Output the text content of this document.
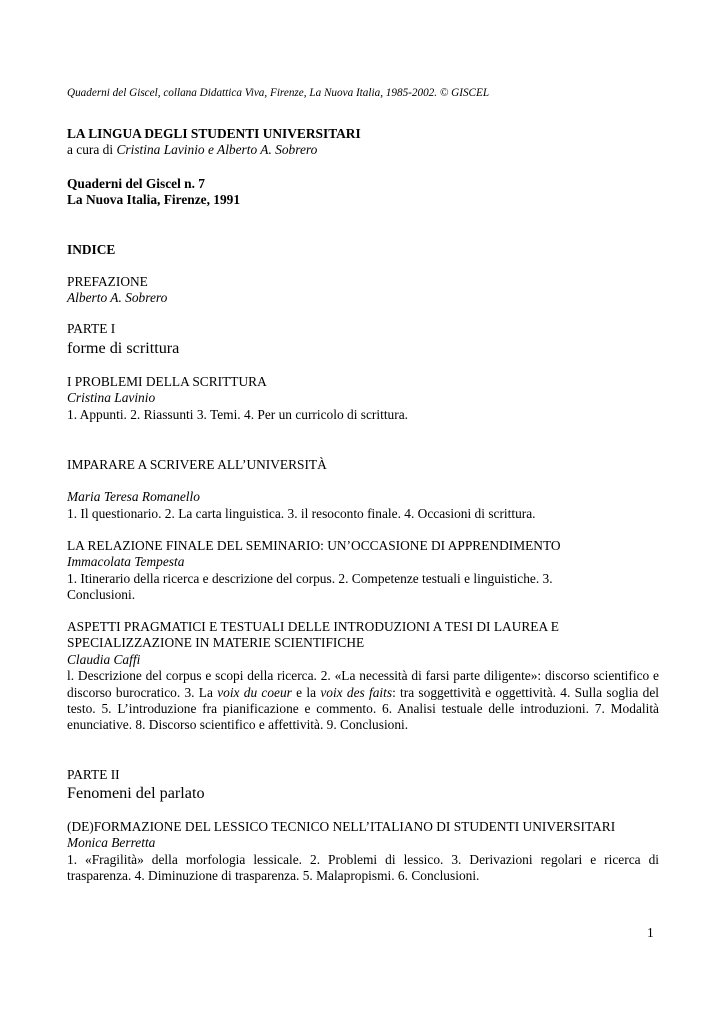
Quaderni del Giscel, collana Didattica Viva, Firenze, La Nuova Italia, 1985-2002. © GISCEL
LA LINGUA DEGLI STUDENTI UNIVERSITARI
a cura di Cristina Lavinio e Alberto A. Sobrero
Quaderni del Giscel n. 7
La Nuova Italia, Firenze, 1991
INDICE
PREFAZIONE
Alberto A. Sobrero
PARTE I
forme di scrittura
I PROBLEMI DELLA SCRITTURA
Cristina Lavinio
1. Appunti. 2. Riassunti 3. Temi. 4. Per un curricolo di scrittura.
IMPARARE A SCRIVERE ALL’UNIVERSITÀ
Maria Teresa Romanello
1. Il questionario. 2. La carta linguistica. 3. il resoconto finale. 4. Occasioni di scrittura.
LA RELAZIONE FINALE DEL SEMINARIO: UN’OCCASIONE DI APPRENDIMENTO
Immacolata Tempesta
1. Itinerario della ricerca e descrizione del corpus. 2. Competenze testuali e linguistiche. 3.
Conclusioni.
ASPETTI PRAGMATICI E TESTUALI DELLE INTRODUZIONI A TESI DI LAUREA E
SPECIALIZZAZIONE IN MATERIE SCIENTIFICHE
Claudia Caffi
l. Descrizione del corpus e scopi della ricerca. 2. «La necessità di farsi parte diligente»: discorso scientifico e discorso burocratico. 3. La voix du coeur e la voix des faits: tra soggettività e oggettività. 4. Sulla soglia del testo. 5. L’introduzione fra pianificazione e commento. 6. Analisi testuale delle introduzioni. 7. Modalità enunciative. 8. Discorso scientifico e affettività. 9. Conclusioni.
PARTE II
Fenomeni del parlato
(DE)FORMAZIONE DEL LESSICO TECNICO NELL’ITALIANO DI STUDENTI UNIVERSITARI
Monica Berretta
1. «Fragilità» della morfologia lessicale. 2. Problemi di lessico. 3. Derivazioni regolari e ricerca di trasparenza. 4. Diminuzione di trasparenza. 5. Malapropismi. 6. Conclusioni.
1
